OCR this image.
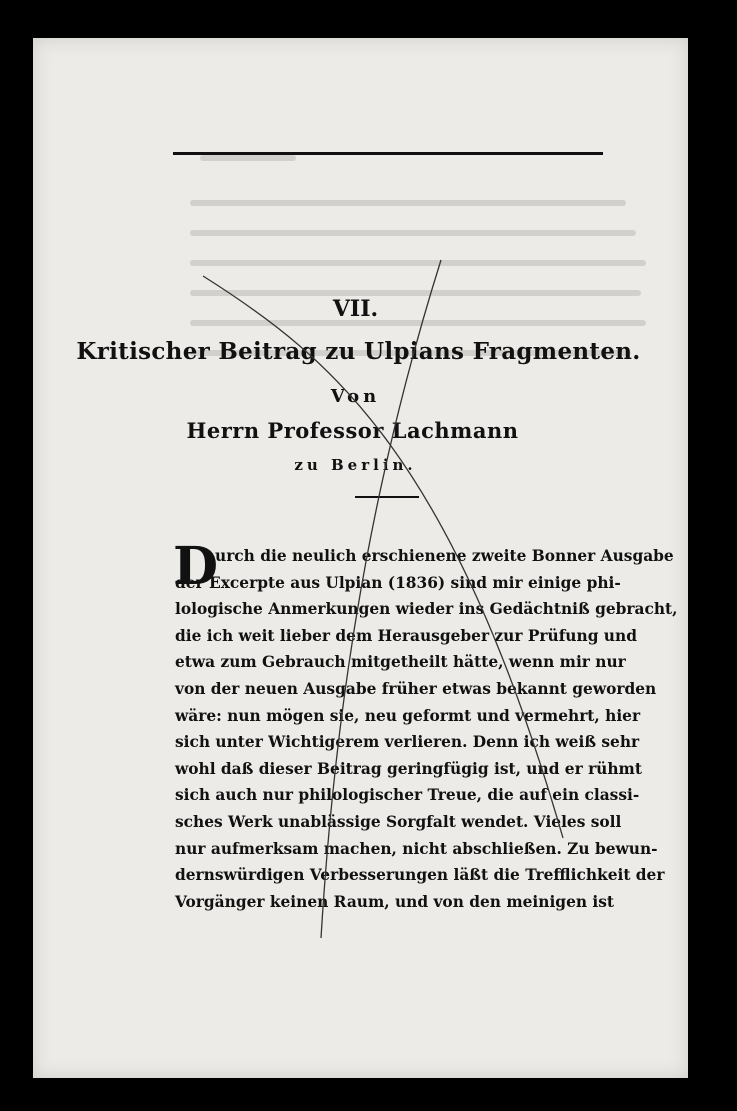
VII.
Kritischer Beitrag zu Ulpians Fragmenten.
Von
Herrn Professor Lachmann
zu Berlin.
D
urch die neulich erschienene zweite Bonner Ausgabe
der Excerpte aus Ulpian (1836) sind mir einige phi-
lologische Anmerkungen wieder ins Gedächtniß gebracht,
die ich weit lieber dem Herausgeber zur Prüfung und
etwa zum Gebrauch mitgetheilt hätte, wenn mir nur
von der neuen Ausgabe früher etwas bekannt geworden
wäre: nun mögen sie, neu geformt und vermehrt, hier
sich unter Wichtigerem verlieren. Denn ich weiß sehr
wohl daß dieser Beitrag geringfügig ist, und er rühmt
sich auch nur philologischer Treue, die auf ein classi-
sches Werk unablässige Sorgfalt wendet. Vieles soll
nur aufmerksam machen, nicht abschließen. Zu bewun-
dernswürdigen Verbesserungen läßt die Trefflichkeit der
Vorgänger keinen Raum, und von den meinigen ist
